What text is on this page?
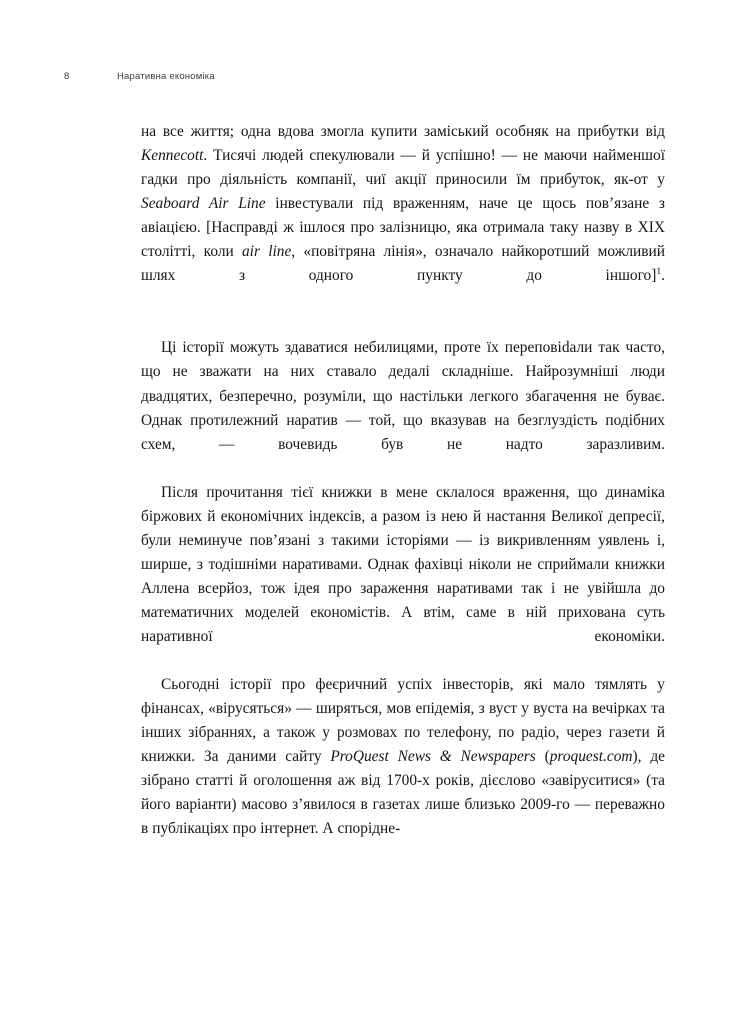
8	Наративна економіка

на все життя; одна вдова змогла купити заміський особняк на прибутки від Kennecott. Тисячі людей спекулювали — й успішно! — не маючи найменшої гадки про діяльність компанії, чиї акції приносили їм прибуток, як-от у Seaboard Air Line інвестували під враженням, наче це щось пов’язане з авіацією. [Насправді ж ішлося про залізницю, яка отримала таку назву в XIX столітті, коли air line, «повітряна лінія», означало найкоротший можливий шлях з одного пункту до іншого]$^1$.

Ці історії можуть здаватися небилицями, проте їх переповіdали так часто, що не зважати на них ставало дедалі складніше. Найрозумніші люди двадцятих, безперечно, розуміли, що настільки легкого збагачення не буває. Однак протилежний наратив — той, що вказував на безглуздість подібних схем, — вочевидь був не надто заразливим.

Після прочитання тієї книжки в мене склалося враження, що динаміка біржових й економічних індексів, а разом із нею й настання Великої депресії, були неминуче пов’язані з такими історіями — із викривленням уявлень і, ширше, з тодішніми наративами. Однак фахівці ніколи не сприймали книжки Аллена всерйоз, тож ідея про зараження наративами так і не увійшла до математичних моделей економістів. А втім, саме в ній прихована суть наративної економіки.

Сьогодні історії про феєричний успіх інвесторів, які мало тямлять у фінансах, «вірусяться» — ширяться, мов епідемія, з вуст у вуста на вечірках та інших зібраннях, а також у розмовах по телефону, по радіо, через газети й книжки. За даними сайту ProQuest News & Newspapers (proquest.com), де зібрано статті й оголошення аж від 1700-х років, дієслово «завіруситися» (та його варіанти) масово з’явилося в газетах лише близько 2009-го — переважно в публікаціях про інтернет. А спорідне-
